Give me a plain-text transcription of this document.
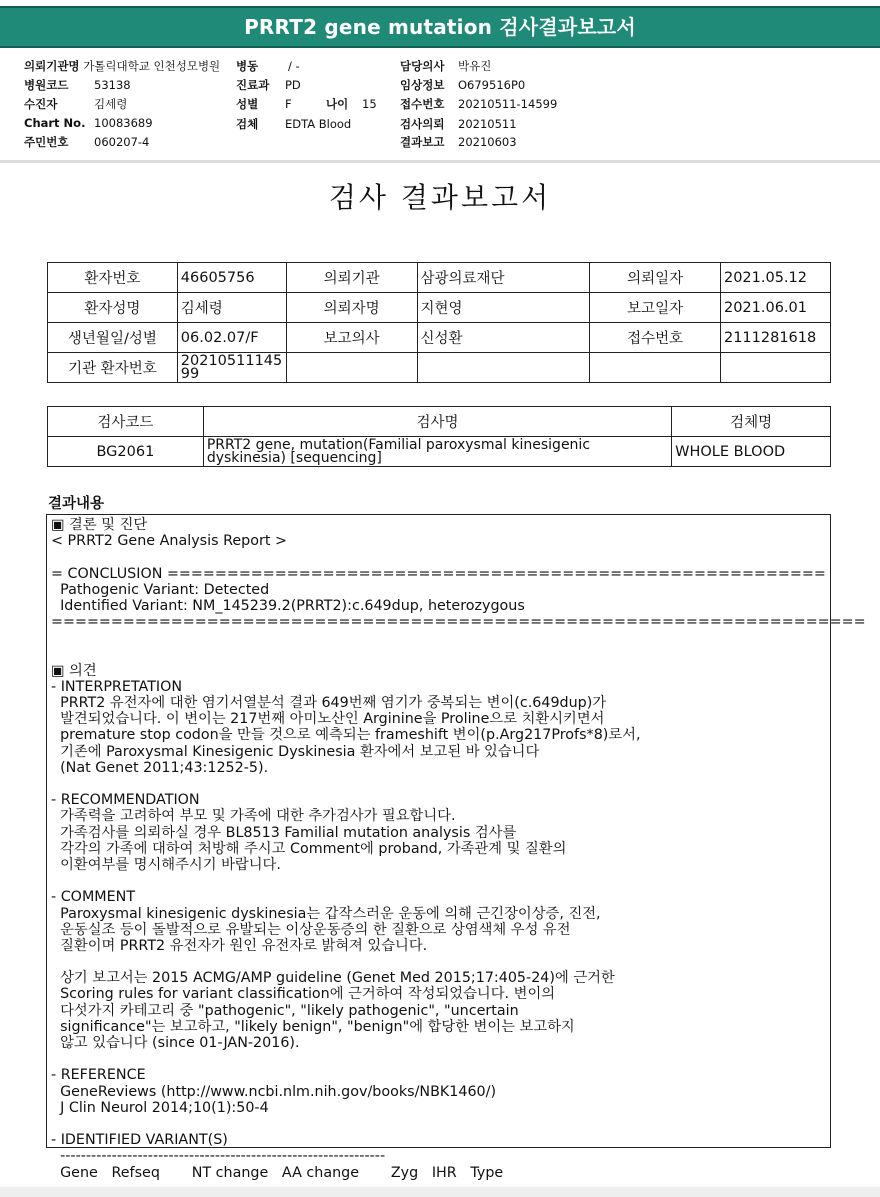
PRRT2 gene mutation 검사결과보고서
의뢰기관명 가톨릭대학교 인천성모병원
병원코드 53138
수진자	김세령
Chart No. 10083689
주민번호 060207-4
병동	/ -
진료과 PD
성별 F	나이 15
검체 EDTA Blood
담당의사 박유진
임상정보 O679516P0
접수번호 20210511-14599
검사의뢰 20210511
결과보고 20210603
검사 결과보고서
환자번호	46605756	의뢰기관	삼광의료재단	의뢰일자	2021.05.12
환자성명	김세령	의뢰자명	지현영	보고일자	2021.06.01
생년월일/성별	06.02.07/F	보고의사	신성환	접수번호	2111281618
기관 환자번호	20210511145 99				
검사코드	검사명	검체명
BG2061	PRRT2 gene, mutation(Familial paroxysmal kinesigenic dyskinesia) [sequencing]	WHOLE BLOOD
결과내용
▣ 결론 및 진단
< PRRT2 Gene Analysis Report >
= CONCLUSION =======================================================
Pathogenic Variant: Detected
Identified Variant: NM_145239.2(PRRT2):c.649dup, heterozygous
====================================================================
▣ 의견
- INTERPRETATION
PRRT2 유전자에 대한 염기서열분석 결과 649번째 염기가 중복되는 변이(c.649dup)가
발견되었습니다. 이 변이는 217번째 아미노산인 Arginine을 Proline으로 치환시키면서
premature stop codon을 만들 것으로 예측되는 frameshift 변이(p.Arg217Profs*8)로서,
기존에 Paroxysmal Kinesigenic Dyskinesia 환자에서 보고된 바 있습니다
(Nat Genet 2011;43:1252-5).
- RECOMMENDATION
가족력을 고려하여 부모 및 가족에 대한 추가검사가 필요합니다.
가족검사를 의뢰하실 경우 BL8513 Familial mutation analysis 검사를
각각의 가족에 대하여 처방해 주시고 Comment에 proband, 가족관계 및 질환의
이환여부를 명시해주시기 바랍니다.
- COMMENT
Paroxysmal kinesigenic dyskinesia는 갑작스러운 운동에 의해 근긴장이상증, 진전,
운동실조 등이 돌발적으로 유발되는 이상운동증의 한 질환으로 상염색체 우성 유전
질환이며 PRRT2 유전자가 원인 유전자로 밝혀져 있습니다.
상기 보고서는 2015 ACMG/AMP guideline (Genet Med 2015;17:405-24)에 근거한
Scoring rules for variant classification에 근거하여 작성되었습니다. 변이의
다섯가지 카테고리 중 "pathogenic", "likely pathogenic", "uncertain
significance"는 보고하고, "likely benign", "benign"에 합당한 변이는 보고하지
않고 있습니다 (since 01-JAN-2016).
- REFERENCE
GeneReviews (http://www.ncbi.nlm.nih.gov/books/NBK1460/)
J Clin Neurol 2014;10(1):50-4
- IDENTIFIED VARIANT(S)
---------------------------------------------------------------
Gene   Refseq       NT change   AA change       Zyg   IHR   Type
